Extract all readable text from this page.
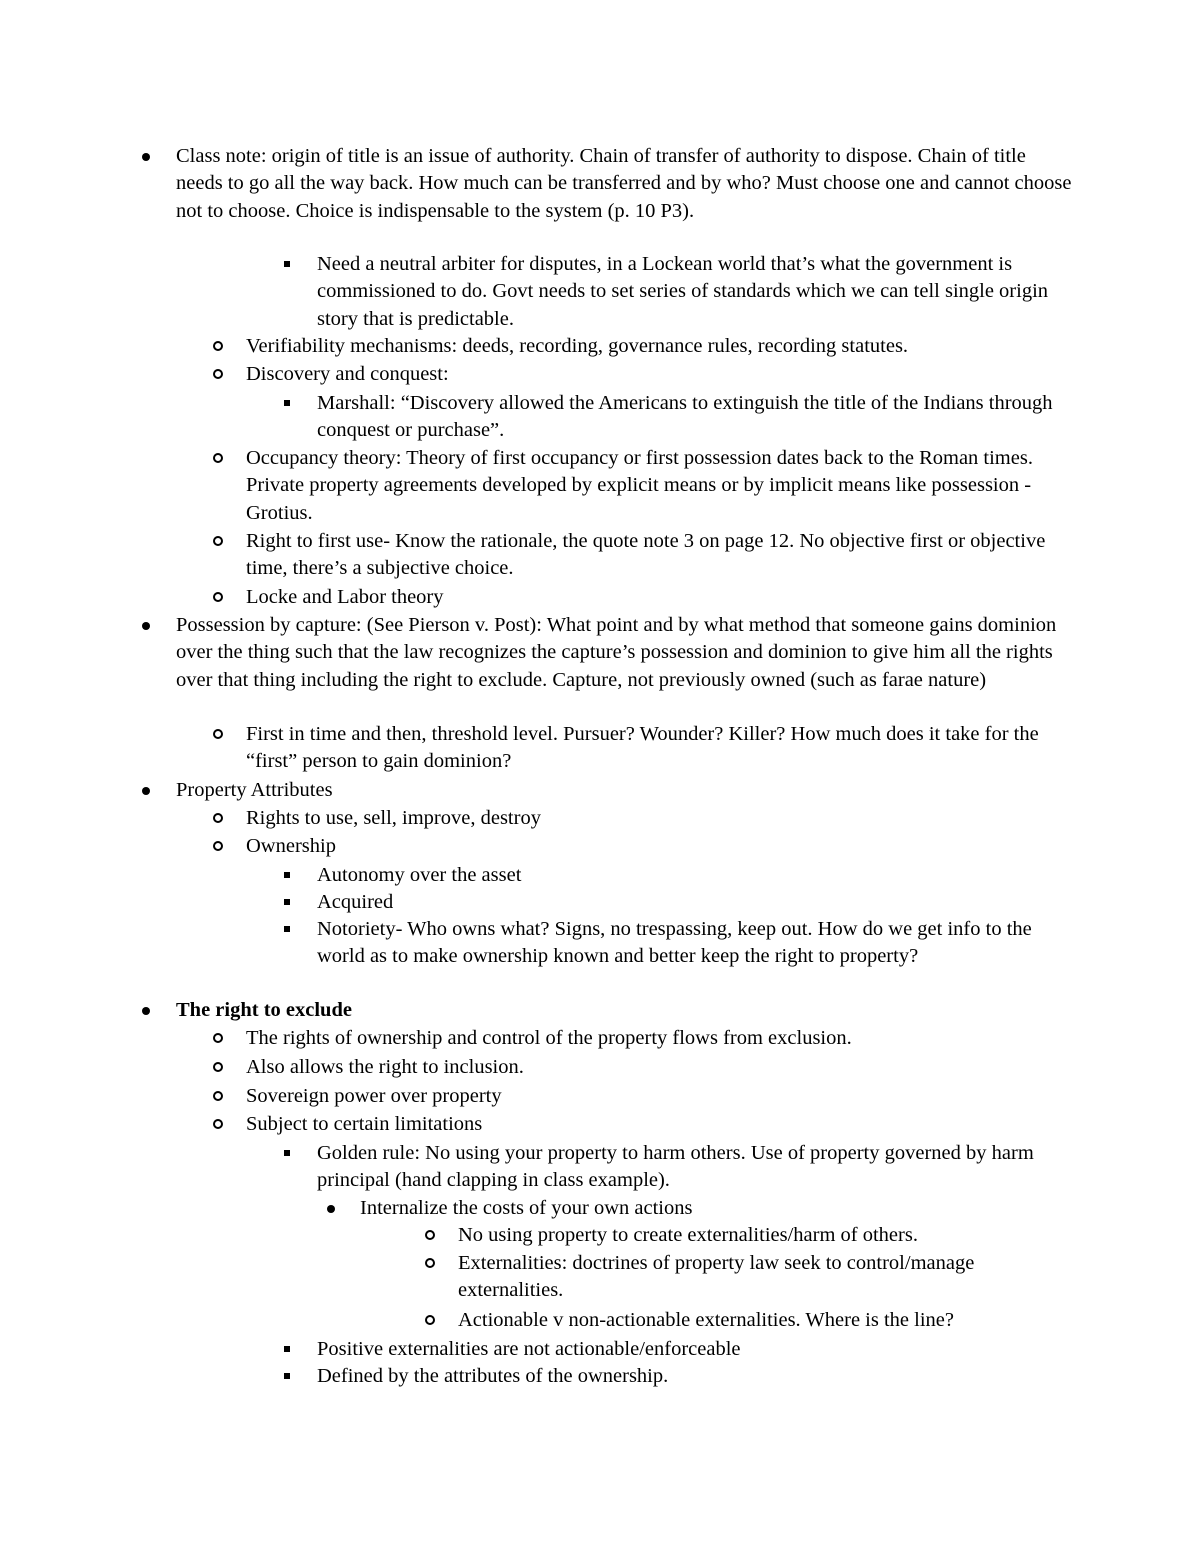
Class note: origin of title is an issue of authority. Chain of transfer of authority to dispose. Chain of title needs to go all the way back. How much can be transferred and by who? Must choose one and cannot choose not to choose. Choice is indispensable to the system (p. 10 P3).
Need a neutral arbiter for disputes, in a Lockean world that’s what the government is commissioned to do. Govt needs to set series of standards which we can tell single origin story that is predictable.
Verifiability mechanisms: deeds, recording, governance rules, recording statutes.
Discovery and conquest:
Marshall: “Discovery allowed the Americans to extinguish the title of the Indians through conquest or purchase”.
Occupancy theory: Theory of first occupancy or first possession dates back to the Roman times. Private property agreements developed by explicit means or by implicit means like possession -Grotius.
Right to first use- Know the rationale, the quote note 3 on page 12. No objective first or objective time, there’s a subjective choice.
Locke and Labor theory
Possession by capture: (See Pierson v. Post): What point and by what method that someone gains dominion over the thing such that the law recognizes the capture’s possession and dominion to give him all the rights over that thing including the right to exclude. Capture, not previously owned (such as farae nature)
First in time and then, threshold level. Pursuer? Wounder? Killer? How much does it take for the “first” person to gain dominion?
Property Attributes
Rights to use, sell, improve, destroy
Ownership
Autonomy over the asset
Acquired
Notoriety- Who owns what? Signs, no trespassing, keep out. How do we get info to the world as to make ownership known and better keep the right to property?
The right to exclude
The rights of ownership and control of the property flows from exclusion.
Also allows the right to inclusion.
Sovereign power over property
Subject to certain limitations
Golden rule: No using your property to harm others. Use of property governed by harm principal (hand clapping in class example).
Internalize the costs of your own actions
No using property to create externalities/harm of others.
Externalities: doctrines of property law seek to control/manage externalities.
Actionable v non-actionable externalities. Where is the line?
Positive externalities are not actionable/enforceable
Defined by the attributes of the ownership.
